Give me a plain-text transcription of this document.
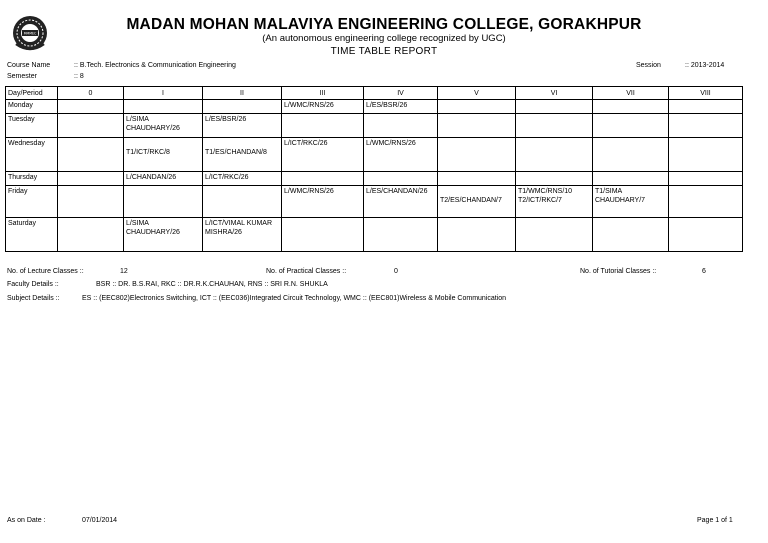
MMMEC
MADAN MOHAN MALAVIYA ENGINEERING COLLEGE, GORAKHPUR
(An autonomous engineering college recognized by UGC)
TIME TABLE REPORT
Course Name	:: B.Tech. Electronics & Communication Engineering
Semester	:: 8
Session	:: 2013-2014
Day/Period	0	I	II	III	IV	V	VI	VII	VIII
Monday				L/WMC/RNS/26	L/ES/BSR/26				

Tuesday		L/SIMA CHAUDHARY/26	L/ES/BSR/26						

Wednesday		T1/ICT/RKC/8	T1/ES/CHANDAN/8	L/ICT/RKC/26	L/WMC/RNS/26				

Thursday		L/CHANDAN/26	L/ICT/RKC/26						

Friday				L/WMC/RNS/26	L/ES/CHANDAN/26	T2/ES/CHANDAN/7	T1/WMC/RNS/10
T2/ICT/RKC/7	T1/SIMA CHAUDHARY/7	

Saturday		L/SIMA CHAUDHARY/26	L/ICT/VIMAL KUMAR MISHRA/26						

No. of Lecture Classes ::	12	No. of Practical Classes ::	0	No. of Tutorial Classes ::	6
Faculty Details ::	BSR :: DR. B.S.RAI, RKC :: DR.R.K.CHAUHAN, RNS :: SRI R.N. SHUKLA
Subject Details ::	ES :: (EEC802)Electronics Switching, ICT :: (EEC036)Integrated Circuit Technology, WMC :: (EEC801)Wireless & Mobile Communication
As on Date :	07/01/2014	Page 1 of 1
